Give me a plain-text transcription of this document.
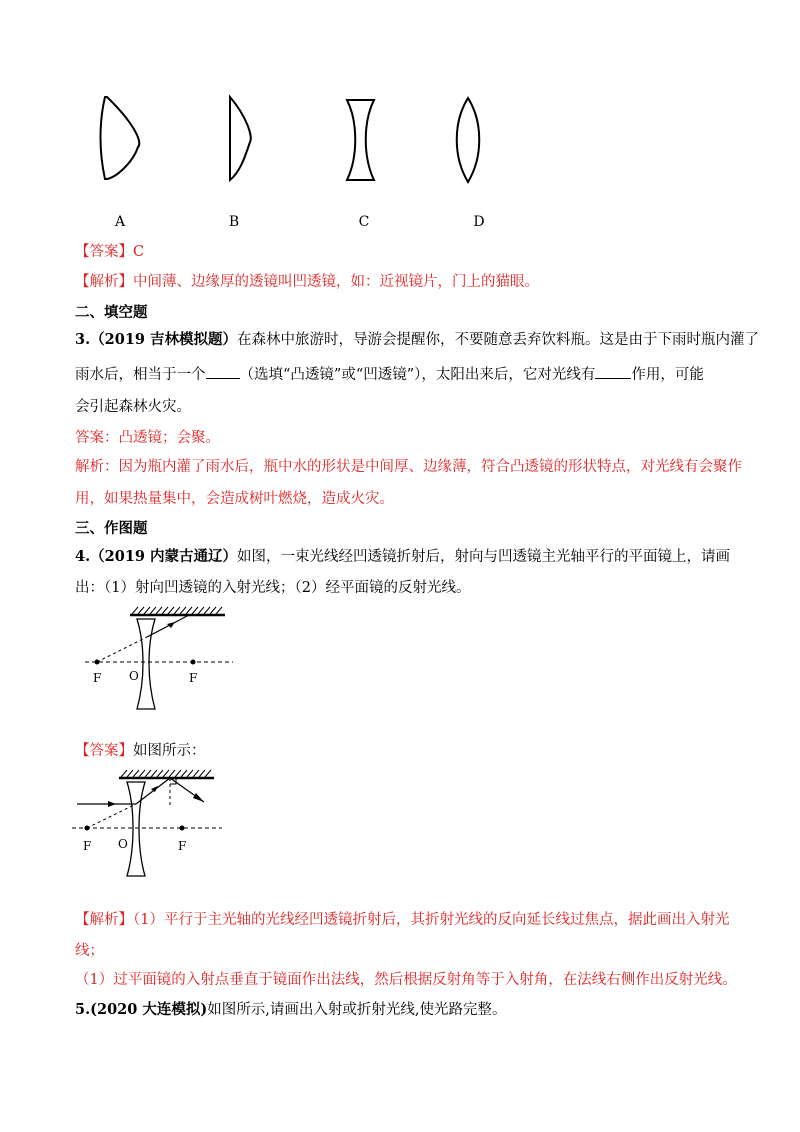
A	B	C	D
【答案】C
【解析】中间薄、边缘厚的透镜叫凹透镜，如：近视镜片，门上的猫眼。
二、填空题
3.（2019 吉林模拟题）在森林中旅游时，导游会提醒你，不要随意丢弃饮料瓶。这是由于下雨时瓶内灌了
雨水后，相当于一个 （选填“凸透镜”或“凹透镜”），太阳出来后，它对光线有 作用，可能
会引起森林火灾。
答案：凸透镜；会聚。
解析：因为瓶内灌了雨水后，瓶中水的形状是中间厚、边缘薄，符合凸透镜的形状特点，对光线有会聚作
用，如果热量集中，会造成树叶燃烧，造成火灾。
三、作图题
4.（2019 内蒙古通辽）如图，一束光线经凹透镜折射后，射向与凹透镜主光轴平行的平面镜上，请画
出：（1）射向凹透镜的入射光线；（2）经平面镜的反射光线。
F O	F
【答案】如图所示：
F O	F
【解析】（1）平行于主光轴的光线经凹透镜折射后，其折射光线的反向延长线过焦点，据此画出入射光
线；
（1）过平面镜的入射点垂直于镜面作出法线，然后根据反射角等于入射角，在法线右侧作出反射光线。
5.(2020 大连模拟)如图所示,请画出入射或折射光线,使光路完整。
